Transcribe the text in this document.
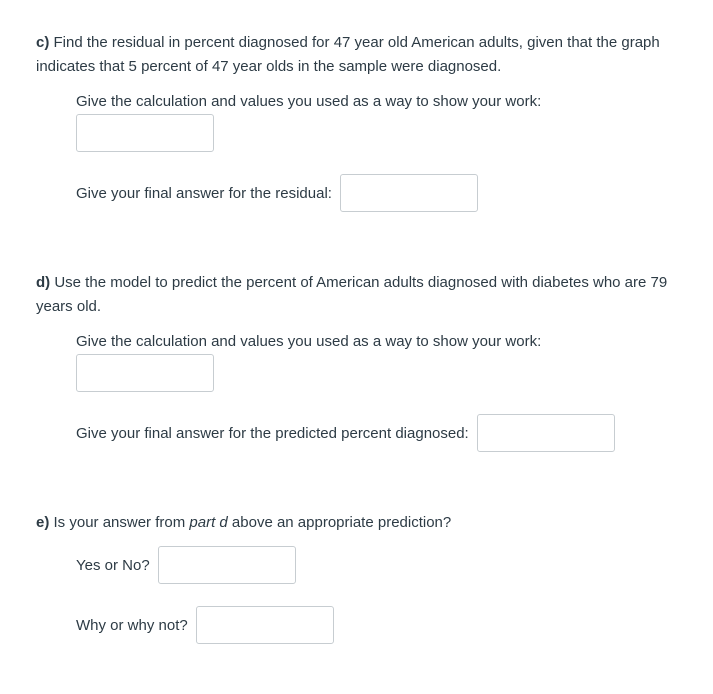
c) Find the residual in percent diagnosed for 47 year old American adults, given that the graph indicates that 5 percent of 47 year olds in the sample were diagnosed.

Give the calculation and values you used as a way to show your work:
Give your final answer for the residual:

d) Use the model to predict the percent of American adults diagnosed with diabetes who are 79 years old.

Give the calculation and values you used as a way to show your work:
Give your final answer for the predicted percent diagnosed:

e) Is your answer from part d above an appropriate prediction?

Yes or No?
Why or why not?
